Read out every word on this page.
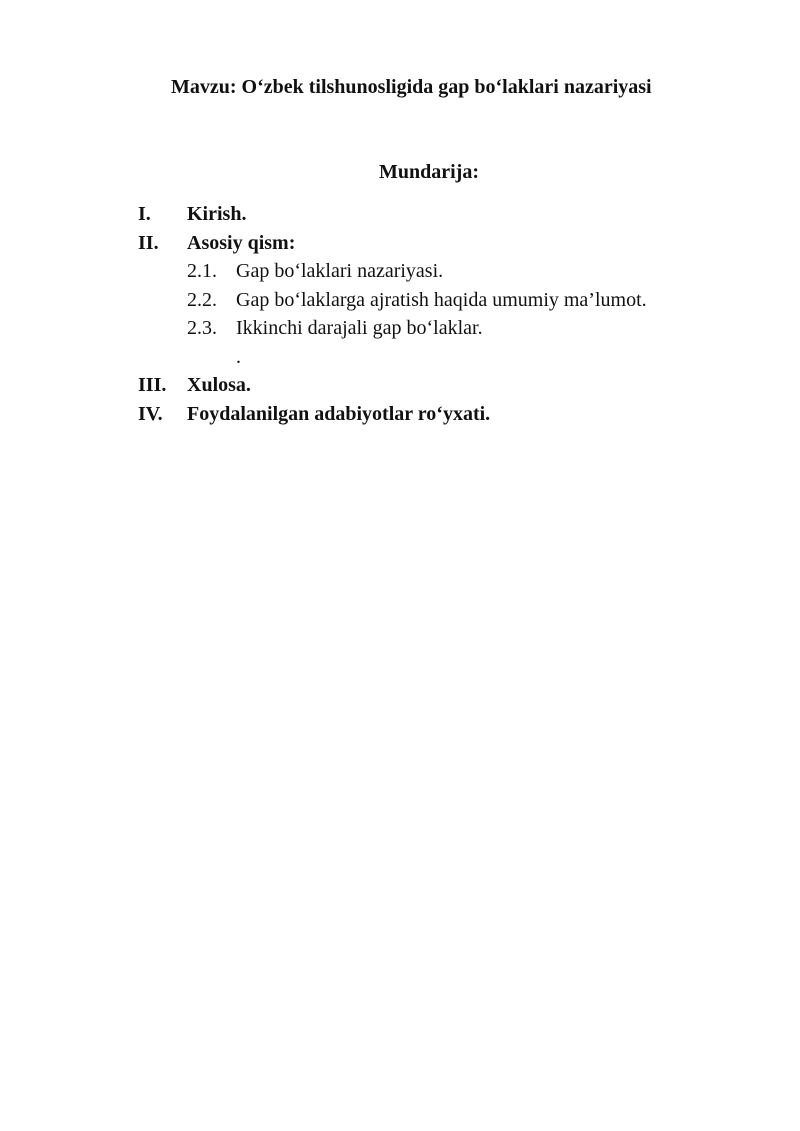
Mavzu: O‘zbek tilshunosligida gap bo‘laklari nazariyasi
Mundarija:
I. Kirish.
II. Asosiy qism:
2.1. Gap bo‘laklari nazariyasi.
2.2. Gap bo‘laklarga ajratish haqida umumiy ma’lumot.
2.3. Ikkinchi darajali gap bo‘laklar.
.
III. Xulosa.
IV. Foydalanilgan adabiyotlar ro‘yxati.
